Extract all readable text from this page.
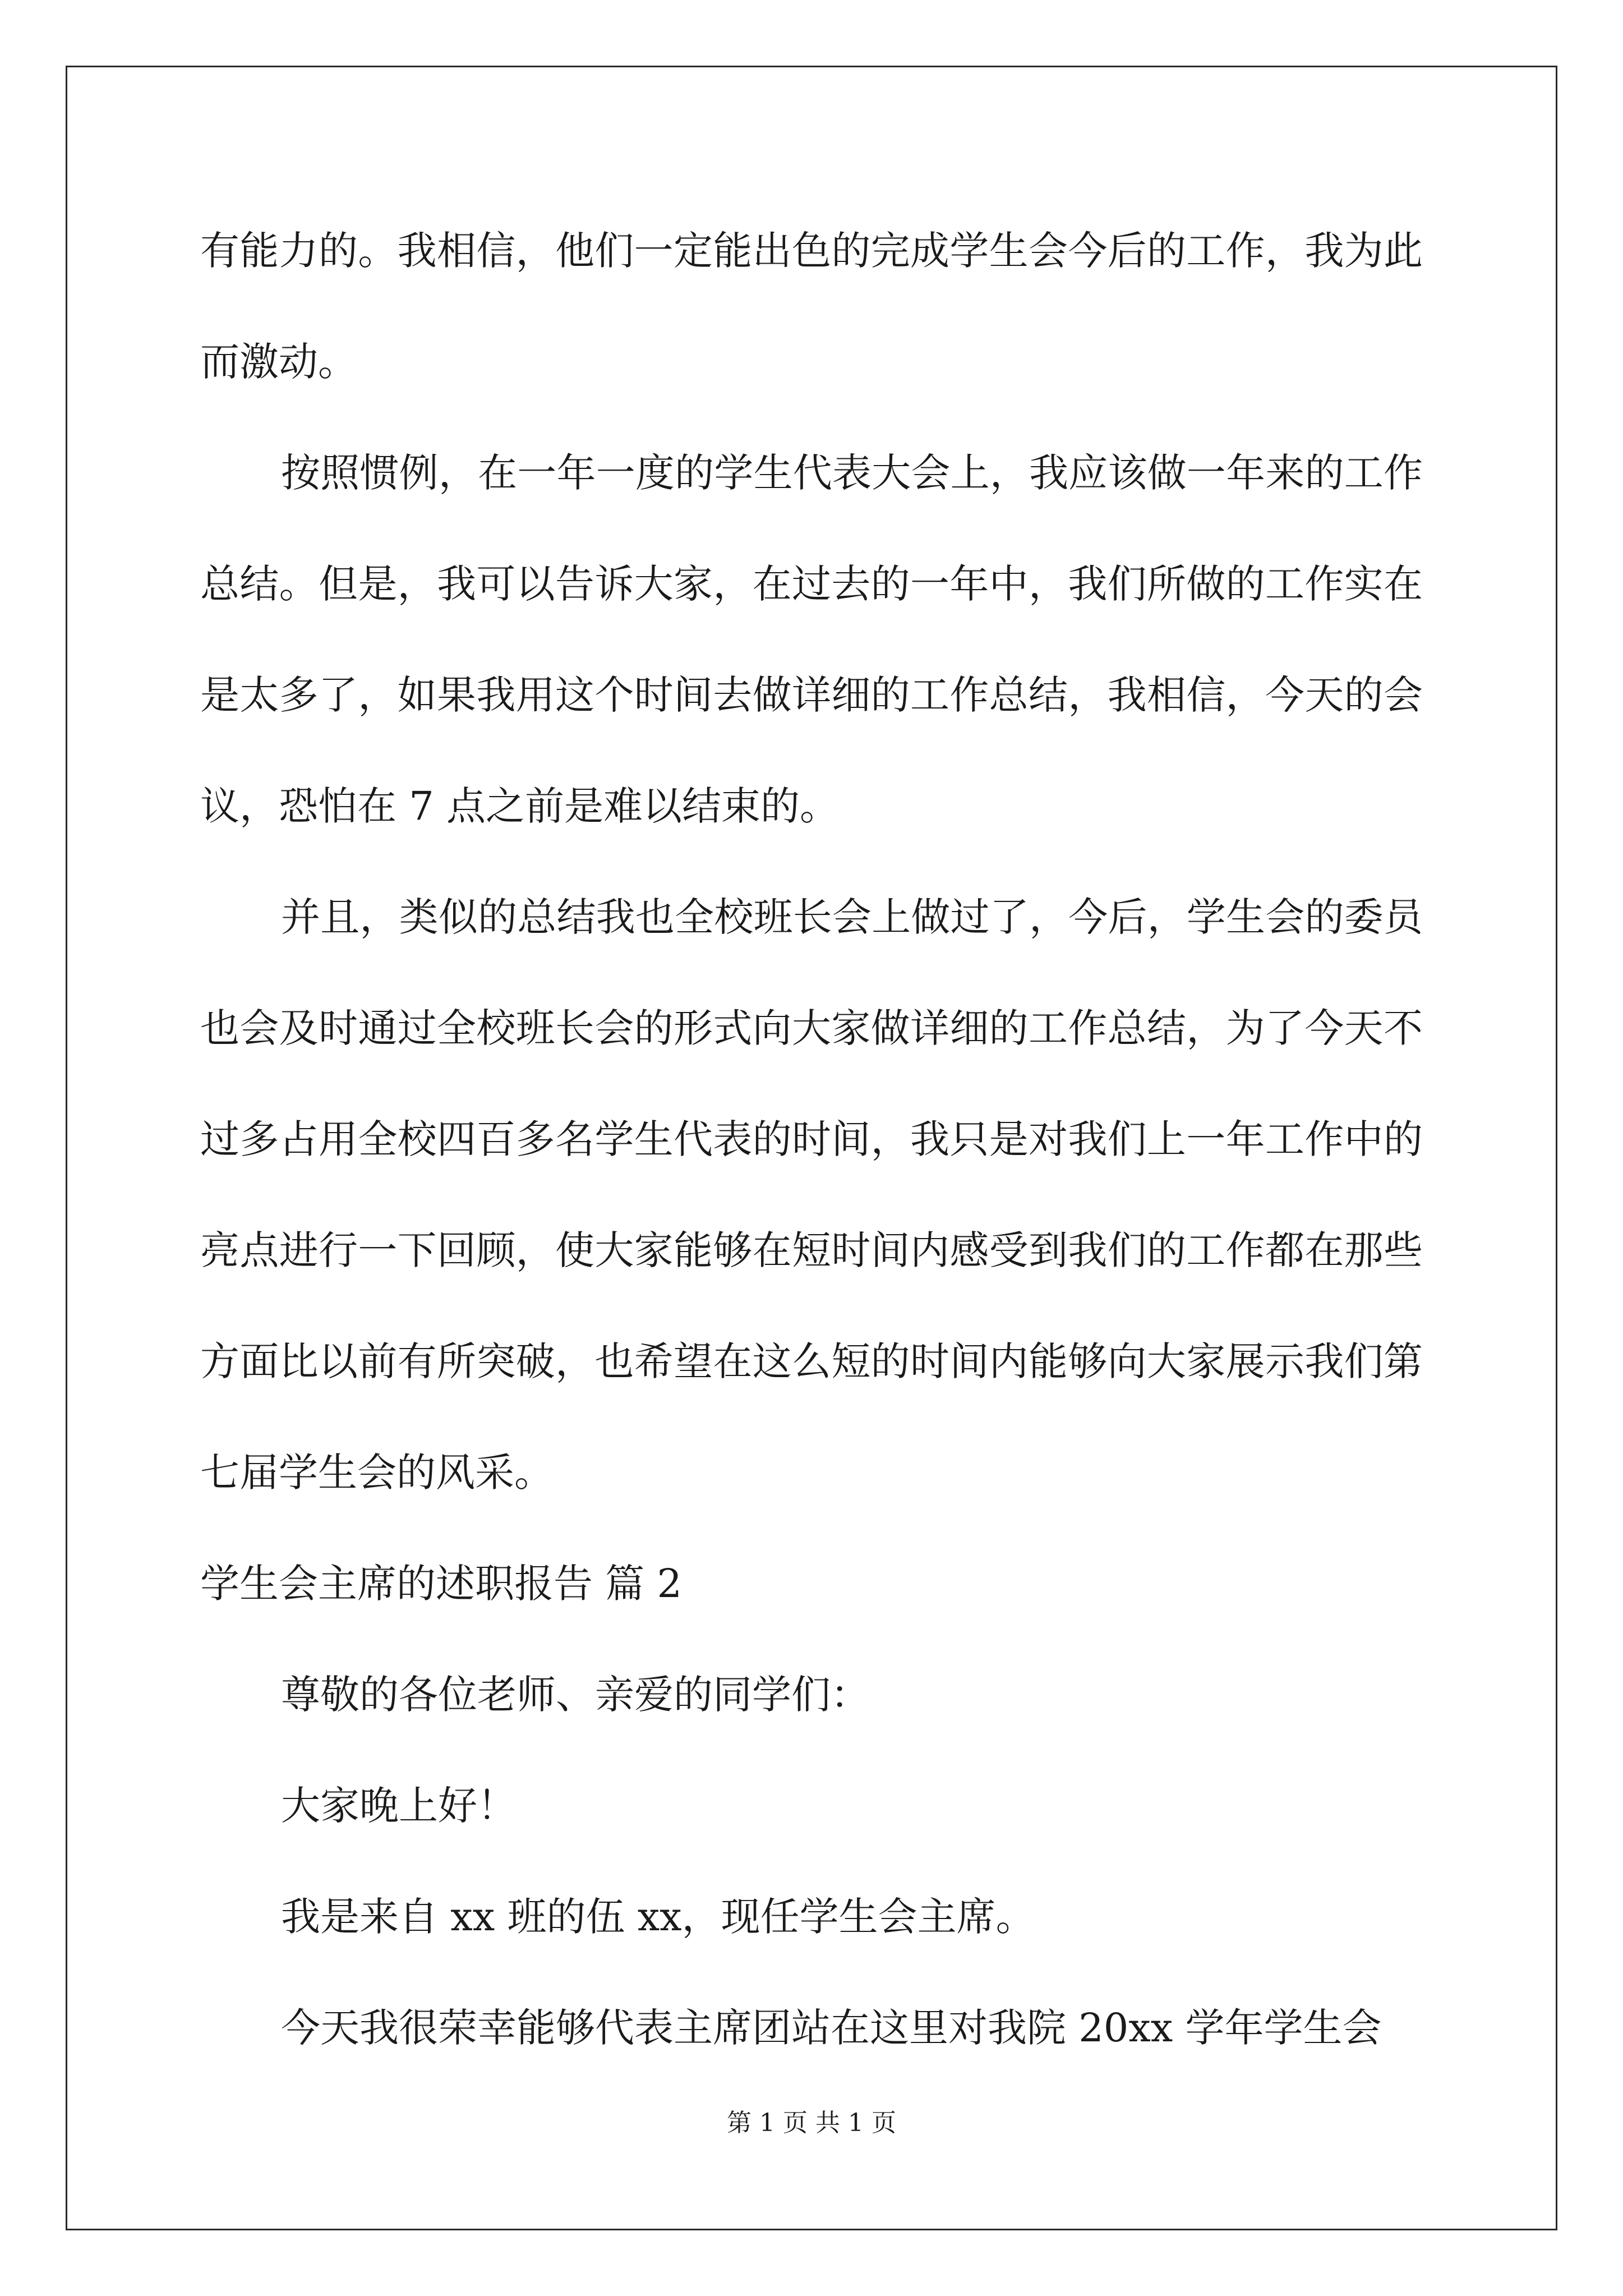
有能力的。我相信，他们一定能出色的完成学生会今后的工作，我为此而激动。

按照惯例，在一年一度的学生代表大会上，我应该做一年来的工作总结。但是，我可以告诉大家，在过去的一年中，我们所做的工作实在是太多了，如果我用这个时间去做详细的工作总结，我相信，今天的会议，恐怕在 7 点之前是难以结束的。

并且，类似的总结我也全校班长会上做过了，今后，学生会的委员也会及时通过全校班长会的形式向大家做详细的工作总结，为了今天不过多占用全校四百多名学生代表的时间，我只是对我们上一年工作中的亮点进行一下回顾，使大家能够在短时间内感受到我们的工作都在那些方面比以前有所突破，也希望在这么短的时间内能够向大家展示我们第七届学生会的风采。

学生会主席的述职报告 篇 2

尊敬的各位老师、亲爱的同学们：

大家晚上好！

我是来自 xx 班的伍 xx，现任学生会主席。

今天我很荣幸能够代表主席团站在这里对我院 20xx 学年学生会

第 1 页 共 1 页
